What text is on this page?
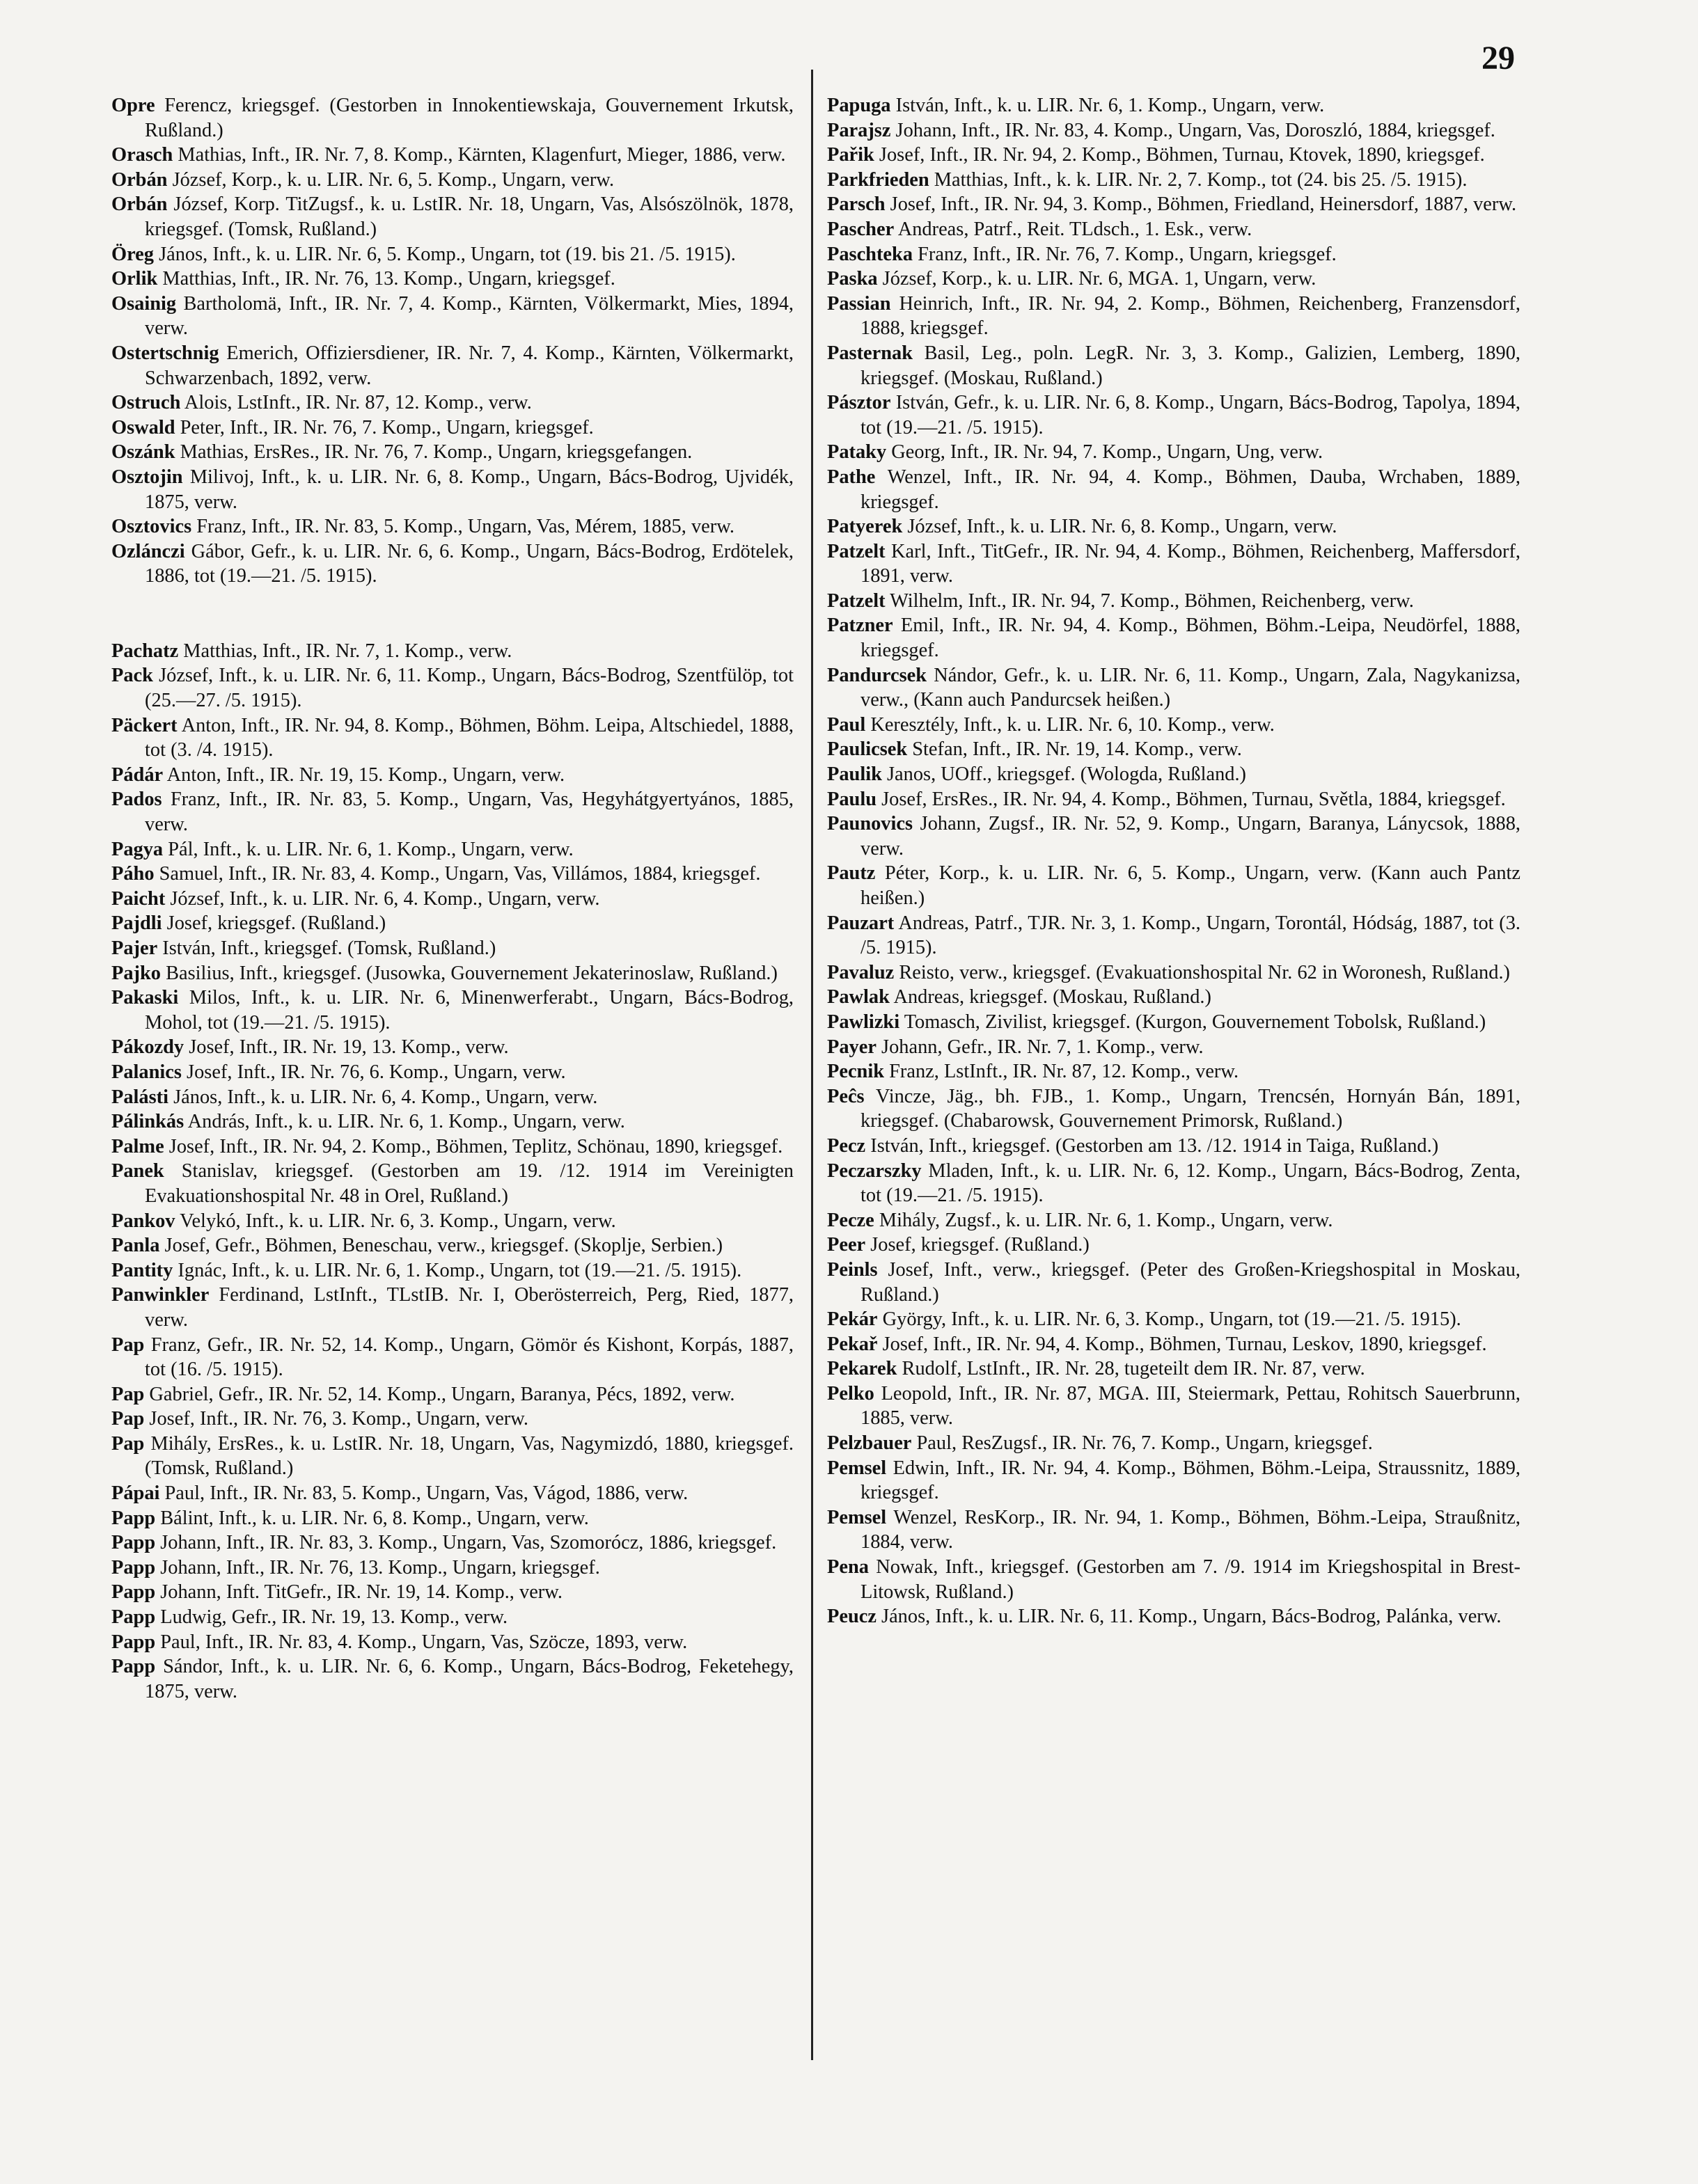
29

Opre Ferencz, kriegsgef. (Gestorben in Innokentiewskaja, Gouvernement Irkutsk, Rußland.)

Orasch Mathias, Inft., IR. Nr. 7, 8. Komp., Kärnten, Klagenfurt, Mieger, 1886, verw.

Orbán József, Korp., k. u. LIR. Nr. 6, 5. Komp., Ungarn, verw.

Orbán József, Korp. TitZugsf., k. u. LstIR. Nr. 18, Ungarn, Vas, Alsószölnök, 1878, kriegsgef. (Tomsk, Rußland.)

Öreg János, Inft., k. u. LIR. Nr. 6, 5. Komp., Ungarn, tot (19. bis 21. /5. 1915).

Orlik Matthias, Inft., IR. Nr. 76, 13. Komp., Ungarn, kriegsgef.

Osainig Bartholomä, Inft., IR. Nr. 7, 4. Komp., Kärnten, Völkermarkt, Mies, 1894, verw.

Ostertschnig Emerich, Offiziersdiener, IR. Nr. 7, 4. Komp., Kärnten, Völkermarkt, Schwarzenbach, 1892, verw.

Ostruch Alois, LstInft., IR. Nr. 87, 12. Komp., verw.

Oswald Peter, Inft., IR. Nr. 76, 7. Komp., Ungarn, kriegsgef.

Oszánk Mathias, ErsRes., IR. Nr. 76, 7. Komp., Ungarn, kriegsgefangen.

Osztojin Milivoj, Inft., k. u. LIR. Nr. 6, 8. Komp., Ungarn, Bács-Bodrog, Ujvidék, 1875, verw.

Osztovics Franz, Inft., IR. Nr. 83, 5. Komp., Ungarn, Vas, Mérem, 1885, verw.

Ozlánczi Gábor, Gefr., k. u. LIR. Nr. 6, 6. Komp., Ungarn, Bács-Bodrog, Erdötelek, 1886, tot (19.—21. /5. 1915).

Pachatz Matthias, Inft., IR. Nr. 7, 1. Komp., verw.

Pack József, Inft., k. u. LIR. Nr. 6, 11. Komp., Ungarn, Bács-Bodrog, Szentfülöp, tot (25.—27. /5. 1915).

Päckert Anton, Inft., IR. Nr. 94, 8. Komp., Böhmen, Böhm. Leipa, Altschiedel, 1888, tot (3. /4. 1915).

Pádár Anton, Inft., IR. Nr. 19, 15. Komp., Ungarn, verw.

Pados Franz, Inft., IR. Nr. 83, 5. Komp., Ungarn, Vas, Hegyhátgyertyános, 1885, verw.

Pagya Pál, Inft., k. u. LIR. Nr. 6, 1. Komp., Ungarn, verw.

Páho Samuel, Inft., IR. Nr. 83, 4. Komp., Ungarn, Vas, Villámos, 1884, kriegsgef.

Paicht József, Inft., k. u. LIR. Nr. 6, 4. Komp., Ungarn, verw.

Pajdli Josef, kriegsgef. (Rußland.)

Pajer István, Inft., kriegsgef. (Tomsk, Rußland.)

Pajko Basilius, Inft., kriegsgef. (Jusowka, Gouvernement Jekaterinoslaw, Rußland.)

Pakaski Milos, Inft., k. u. LIR. Nr. 6, Minenwerferabt., Ungarn, Bács-Bodrog, Mohol, tot (19.—21. /5. 1915).

Pákozdy Josef, Inft., IR. Nr. 19, 13. Komp., verw.

Palanics Josef, Inft., IR. Nr. 76, 6. Komp., Ungarn, verw.

Palásti János, Inft., k. u. LIR. Nr. 6, 4. Komp., Ungarn, verw.

Pálinkás András, Inft., k. u. LIR. Nr. 6, 1. Komp., Ungarn, verw.

Palme Josef, Inft., IR. Nr. 94, 2. Komp., Böhmen, Teplitz, Schönau, 1890, kriegsgef.

Panek Stanislav, kriegsgef. (Gestorben am 19. /12. 1914 im Vereinigten Evakuationshospital Nr. 48 in Orel, Rußland.)

Pankov Velykó, Inft., k. u. LIR. Nr. 6, 3. Komp., Ungarn, verw.

Panla Josef, Gefr., Böhmen, Beneschau, verw., kriegsgef. (Skoplje, Serbien.)

Pantity Ignác, Inft., k. u. LIR. Nr. 6, 1. Komp., Ungarn, tot (19.—21. /5. 1915).

Panwinkler Ferdinand, LstInft., TLstIB. Nr. I, Oberösterreich, Perg, Ried, 1877, verw.

Pap Franz, Gefr., IR. Nr. 52, 14. Komp., Ungarn, Gömör és Kishont, Korpás, 1887, tot (16. /5. 1915).

Pap Gabriel, Gefr., IR. Nr. 52, 14. Komp., Ungarn, Baranya, Pécs, 1892, verw.

Pap Josef, Inft., IR. Nr. 76, 3. Komp., Ungarn, verw.

Pap Mihály, ErsRes., k. u. LstIR. Nr. 18, Ungarn, Vas, Nagymizdó, 1880, kriegsgef. (Tomsk, Rußland.)

Pápai Paul, Inft., IR. Nr. 83, 5. Komp., Ungarn, Vas, Vágod, 1886, verw.

Papp Bálint, Inft., k. u. LIR. Nr. 6, 8. Komp., Ungarn, verw.

Papp Johann, Inft., IR. Nr. 83, 3. Komp., Ungarn, Vas, Szomorócz, 1886, kriegsgef.

Papp Johann, Inft., IR. Nr. 76, 13. Komp., Ungarn, kriegsgef.

Papp Johann, Inft. TitGefr., IR. Nr. 19, 14. Komp., verw.

Papp Ludwig, Gefr., IR. Nr. 19, 13. Komp., verw.

Papp Paul, Inft., IR. Nr. 83, 4. Komp., Ungarn, Vas, Szöcze, 1893, verw.

Papp Sándor, Inft., k. u. LIR. Nr. 6, 6. Komp., Ungarn, Bács-Bodrog, Feketehegy, 1875, verw.

Papuga István, Inft., k. u. LIR. Nr. 6, 1. Komp., Ungarn, verw.

Parajsz Johann, Inft., IR. Nr. 83, 4. Komp., Ungarn, Vas, Doroszló, 1884, kriegsgef.

Pařik Josef, Inft., IR. Nr. 94, 2. Komp., Böhmen, Turnau, Ktovek, 1890, kriegsgef.

Parkfrieden Matthias, Inft., k. k. LIR. Nr. 2, 7. Komp., tot (24. bis 25. /5. 1915).

Parsch Josef, Inft., IR. Nr. 94, 3. Komp., Böhmen, Friedland, Heinersdorf, 1887, verw.

Pascher Andreas, Patrf., Reit. TLdsch., 1. Esk., verw.

Paschteka Franz, Inft., IR. Nr. 76, 7. Komp., Ungarn, kriegsgef.

Paska József, Korp., k. u. LIR. Nr. 6, MGA. 1, Ungarn, verw.

Passian Heinrich, Inft., IR. Nr. 94, 2. Komp., Böhmen, Reichenberg, Franzensdorf, 1888, kriegsgef.

Pasternak Basil, Leg., poln. LegR. Nr. 3, 3. Komp., Galizien, Lemberg, 1890, kriegsgef. (Moskau, Rußland.)

Pásztor István, Gefr., k. u. LIR. Nr. 6, 8. Komp., Ungarn, Bács-Bodrog, Tapolya, 1894, tot (19.—21. /5. 1915).

Pataky Georg, Inft., IR. Nr. 94, 7. Komp., Ungarn, Ung, verw.

Pathe Wenzel, Inft., IR. Nr. 94, 4. Komp., Böhmen, Dauba, Wrchaben, 1889, kriegsgef.

Patyerek József, Inft., k. u. LIR. Nr. 6, 8. Komp., Ungarn, verw.

Patzelt Karl, Inft., TitGefr., IR. Nr. 94, 4. Komp., Böhmen, Reichenberg, Maffersdorf, 1891, verw.

Patzelt Wilhelm, Inft., IR. Nr. 94, 7. Komp., Böhmen, Reichenberg, verw.

Patzner Emil, Inft., IR. Nr. 94, 4. Komp., Böhmen, Böhm.-Leipa, Neudörfel, 1888, kriegsgef.

Pandurcsek Nándor, Gefr., k. u. LIR. Nr. 6, 11. Komp., Ungarn, Zala, Nagykanizsa, verw., (Kann auch Pandurcsek heißen.)

Paul Keresztély, Inft., k. u. LIR. Nr. 6, 10. Komp., verw.

Paulicsek Stefan, Inft., IR. Nr. 19, 14. Komp., verw.

Paulik Janos, UOff., kriegsgef. (Wologda, Rußland.)

Paulu Josef, ErsRes., IR. Nr. 94, 4. Komp., Böhmen, Turnau, Světla, 1884, kriegsgef.

Paunovics Johann, Zugsf., IR. Nr. 52, 9. Komp., Ungarn, Baranya, Lánycsok, 1888, verw.

Pautz Péter, Korp., k. u. LIR. Nr. 6, 5. Komp., Ungarn, verw. (Kann auch Pantz heißen.)

Pauzart Andreas, Patrf., TJR. Nr. 3, 1. Komp., Ungarn, Torontál, Hódság, 1887, tot (3. /5. 1915).

Pavaluz Reisto, verw., kriegsgef. (Evakuationshospital Nr. 62 in Woronesh, Rußland.)

Pawlak Andreas, kriegsgef. (Moskau, Rußland.)

Pawlizki Tomasch, Zivilist, kriegsgef. (Kurgon, Gouvernement Tobolsk, Rußland.)

Payer Johann, Gefr., IR. Nr. 7, 1. Komp., verw.

Pecnik Franz, LstInft., IR. Nr. 87, 12. Komp., verw.

Peĉs Vincze, Jäg., bh. FJB., 1. Komp., Ungarn, Trencsén, Hornyán Bán, 1891, kriegsgef. (Chabarowsk, Gouvernement Primorsk, Rußland.)

Pecz István, Inft., kriegsgef. (Gestorben am 13. /12. 1914 in Taiga, Rußland.)

Peczarszky Mladen, Inft., k. u. LIR. Nr. 6, 12. Komp., Ungarn, Bács-Bodrog, Zenta, tot (19.—21. /5. 1915).

Pecze Mihály, Zugsf., k. u. LIR. Nr. 6, 1. Komp., Ungarn, verw.

Peer Josef, kriegsgef. (Rußland.)

Peinls Josef, Inft., verw., kriegsgef. (Peter des Großen-Kriegshospital in Moskau, Rußland.)

Pekár György, Inft., k. u. LIR. Nr. 6, 3. Komp., Ungarn, tot (19.—21. /5. 1915).

Pekař Josef, Inft., IR. Nr. 94, 4. Komp., Böhmen, Turnau, Leskov, 1890, kriegsgef.

Pekarek Rudolf, LstInft., IR. Nr. 28, tugeteilt dem IR. Nr. 87, verw.

Pelko Leopold, Inft., IR. Nr. 87, MGA. III, Steiermark, Pettau, Rohitsch Sauerbrunn, 1885, verw.

Pelzbauer Paul, ResZugsf., IR. Nr. 76, 7. Komp., Ungarn, kriegsgef.

Pemsel Edwin, Inft., IR. Nr. 94, 4. Komp., Böhmen, Böhm.-Leipa, Straussnitz, 1889, kriegsgef.

Pemsel Wenzel, ResKorp., IR. Nr. 94, 1. Komp., Böhmen, Böhm.-Leipa, Straußnitz, 1884, verw.

Pena Nowak, Inft., kriegsgef. (Gestorben am 7. /9. 1914 im Kriegshospital in Brest-Litowsk, Rußland.)

Peucz János, Inft., k. u. LIR. Nr. 6, 11. Komp., Ungarn, Bács-Bodrog, Palánka, verw.
